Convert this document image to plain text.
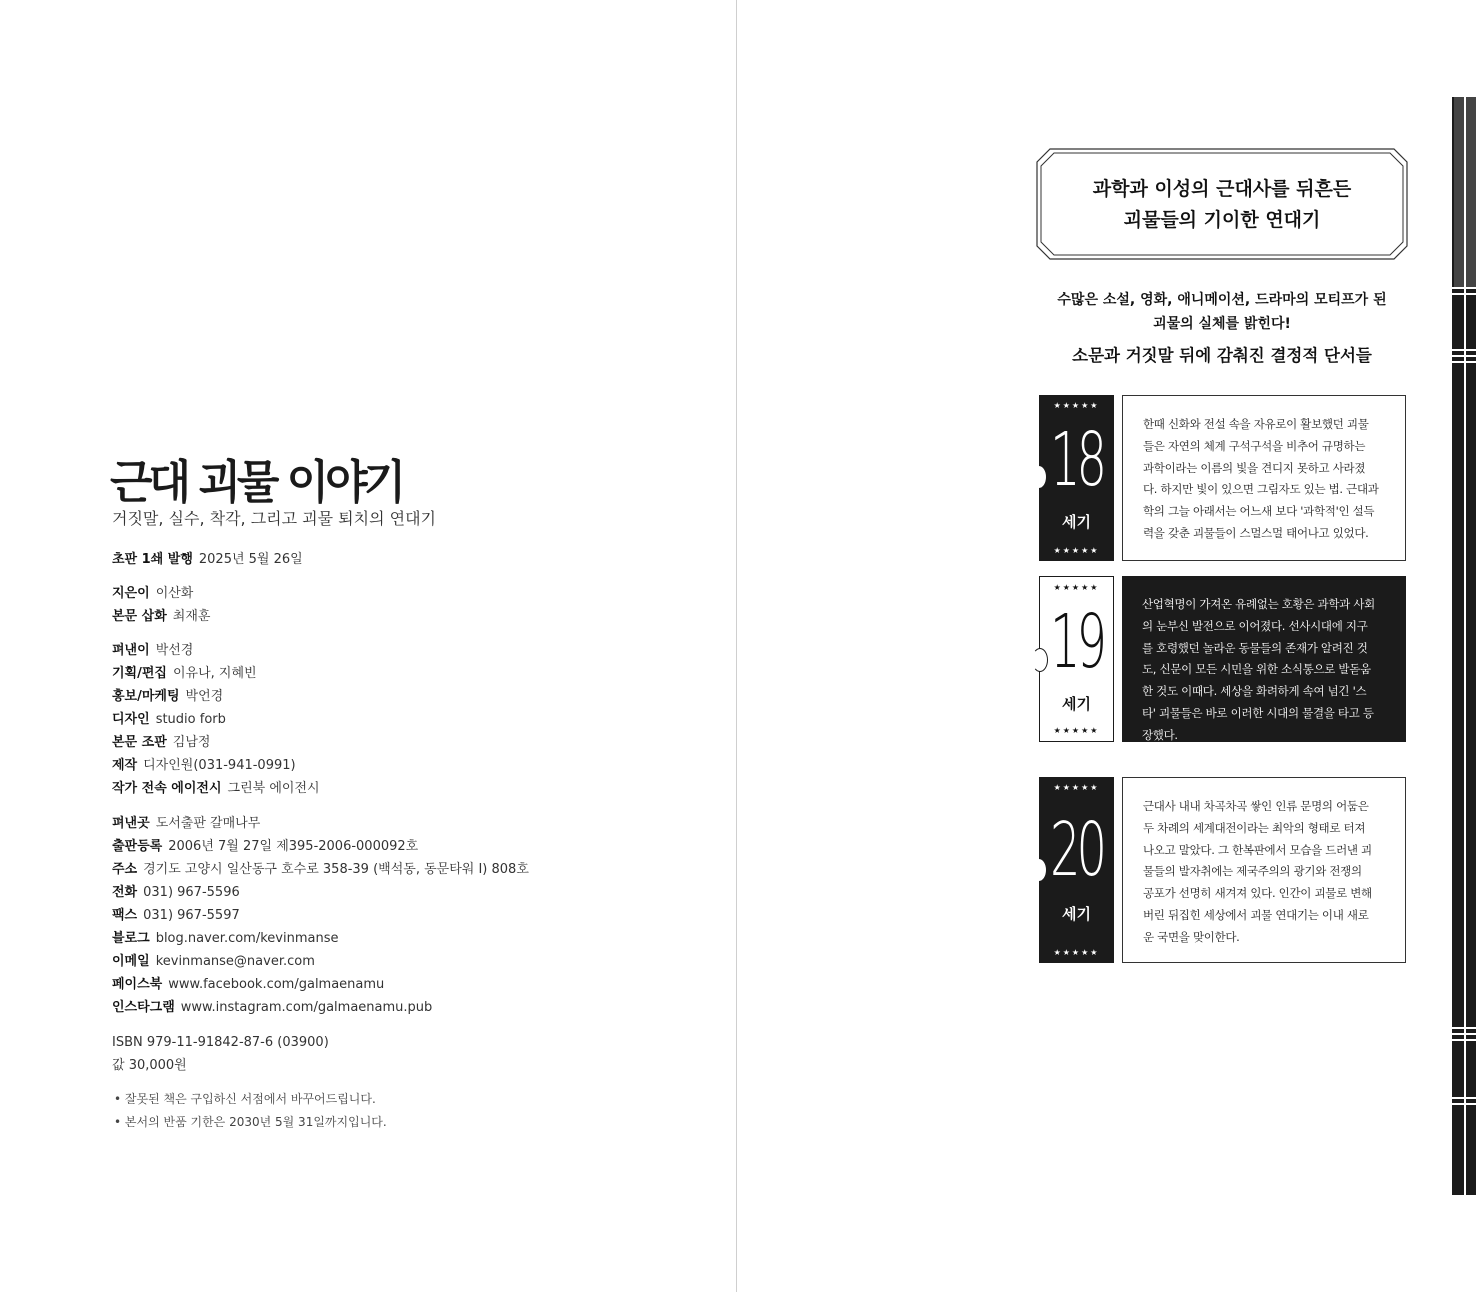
근대 괴물 이야기
거짓말, 실수, 착각, 그리고 괴물 퇴치의 연대기
초판 1쇄 발행 2025년 5월 26일
지은이 이산화
본문 삽화 최재훈
펴낸이 박선경
기획/편집 이유나, 지혜빈
홍보/마케팅 박언경
디자인 studio forb
본문 조판 김남정
제작 디자인원(031-941-0991)
작가 전속 에이전시 그린북 에이전시
펴낸곳 도서출판 갈매나무
출판등록 2006년 7월 27일 제395-2006-000092호
주소 경기도 고양시 일산동구 호수로 358-39 (백석동, 동문타워 I) 808호
전화 031) 967-5596
팩스 031) 967-5597
블로그 blog.naver.com/kevinmanse
이메일 kevinmanse@naver.com
페이스북 www.facebook.com/galmaenamu
인스타그램 www.instagram.com/galmaenamu.pub
ISBN 979-11-91842-87-6 (03900)
값 30,000원
• 잘못된 책은 구입하신 서점에서 바꾸어드립니다.
• 본서의 반품 기한은 2030년 5월 31일까지입니다.
과학과 이성의 근대사를 뒤흔든
괴물들의 기이한 연대기
수많은 소설, 영화, 애니메이션, 드라마의 모티프가 된
괴물의 실체를 밝힌다!
소문과 거짓말 뒤에 감춰진 결정적 단서들
★★★★★
18
세기
★★★★★
한때 신화와 전설 속을 자유로이 활보했던 괴물
들은 자연의 체계 구석구석을 비추어 규명하는
과학이라는 이름의 빛을 견디지 못하고 사라졌
다. 하지만 빛이 있으면 그림자도 있는 법. 근대과
학의 그늘 아래서는 어느새 보다 '과학적'인 설득
력을 갖춘 괴물들이 스멀스멀 태어나고 있었다.
★★★★★
19
세기
★★★★★
산업혁명이 가져온 유례없는 호황은 과학과 사회
의 눈부신 발전으로 이어졌다. 선사시대에 지구
를 호령했던 놀라운 동물들의 존재가 알려진 것
도, 신문이 모든 시민을 위한 소식통으로 발돋움
한 것도 이때다. 세상을 화려하게 속여 넘긴 '스
타' 괴물들은 바로 이러한 시대의 물결을 타고 등
장했다.
★★★★★
20
세기
★★★★★
근대사 내내 차곡차곡 쌓인 인류 문명의 어둠은
두 차례의 세계대전이라는 최악의 형태로 터져
나오고 말았다. 그 한복판에서 모습을 드러낸 괴
물들의 발자취에는 제국주의의 광기와 전쟁의
공포가 선명히 새겨져 있다. 인간이 괴물로 변해
버린 뒤집힌 세상에서 괴물 연대기는 이내 새로
운 국면을 맞이한다.
